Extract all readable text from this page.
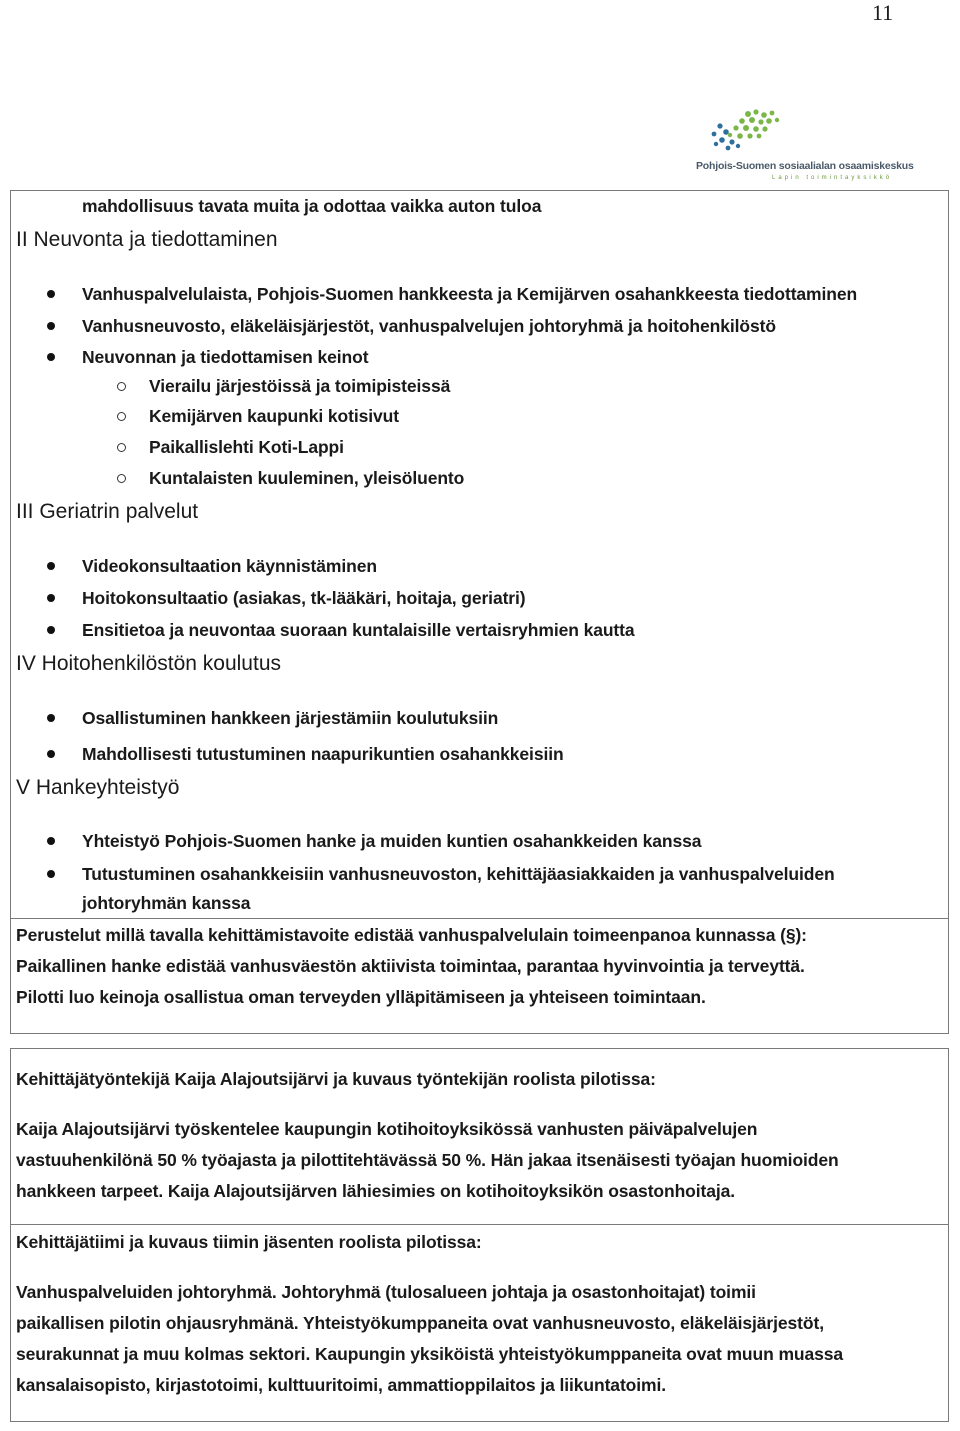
11
Pohjois-Suomen sosiaalialan osaamiskeskus
Lapin toimintayksikkö
mahdollisuus tavata muita ja odottaa vaikka auton tuloa
II Neuvonta ja tiedottaminen
Vanhuspalvelulaista, Pohjois-Suomen hankkeesta ja Kemijärven osahankkeesta tiedottaminen
Vanhusneuvosto, eläkeläisjärjestöt, vanhuspalvelujen johtoryhmä ja hoitohenkilöstö
Neuvonnan ja tiedottamisen keinot
Vierailu järjestöissä ja toimipisteissä
Kemijärven kaupunki kotisivut
Paikallislehti Koti-Lappi
Kuntalaisten kuuleminen, yleisöluento
III Geriatrin palvelut
Videokonsultaation käynnistäminen
Hoitokonsultaatio (asiakas, tk-lääkäri, hoitaja, geriatri)
Ensitietoa ja neuvontaa suoraan kuntalaisille vertaisryhmien kautta
IV Hoitohenkilöstön koulutus
Osallistuminen hankkeen järjestämiin koulutuksiin
Mahdollisesti tutustuminen naapurikuntien osahankkeisiin
V Hankeyhteistyö
Yhteistyö Pohjois-Suomen hanke ja muiden kuntien osahankkeiden kanssa
Tutustuminen osahankkeisiin vanhusneuvoston, kehittäjäasiakkaiden ja vanhuspalveluiden
johtoryhmän kanssa
Perustelut millä tavalla kehittämistavoite edistää vanhuspalvelulain toimeenpanoa kunnassa (§):
Paikallinen hanke edistää vanhusväestön aktiivista toimintaa, parantaa hyvinvointia ja terveyttä.
Pilotti luo keinoja osallistua oman terveyden ylläpitämiseen ja yhteiseen toimintaan.
Kehittäjätyöntekijä Kaija Alajoutsijärvi ja kuvaus työntekijän roolista pilotissa:
Kaija Alajoutsijärvi työskentelee kaupungin kotihoitoyksikössä vanhusten päiväpalvelujen
vastuuhenkilönä 50 % työajasta ja pilottitehtävässä 50 %. Hän jakaa itsenäisesti työajan huomioiden
hankkeen tarpeet. Kaija Alajoutsijärven lähiesimies on kotihoitoyksikön osastonhoitaja.
Kehittäjätiimi ja kuvaus tiimin jäsenten roolista pilotissa:
Vanhuspalveluiden johtoryhmä. Johtoryhmä (tulosalueen johtaja ja osastonhoitajat) toimii
paikallisen pilotin ohjausryhmänä. Yhteistyökumppaneita ovat vanhusneuvosto, eläkeläisjärjestöt,
seurakunnat ja muu kolmas sektori. Kaupungin yksiköistä yhteistyökumppaneita ovat muun muassa
kansalaisopisto, kirjastotoimi, kulttuuritoimi, ammattioppilaitos ja liikuntatoimi.
